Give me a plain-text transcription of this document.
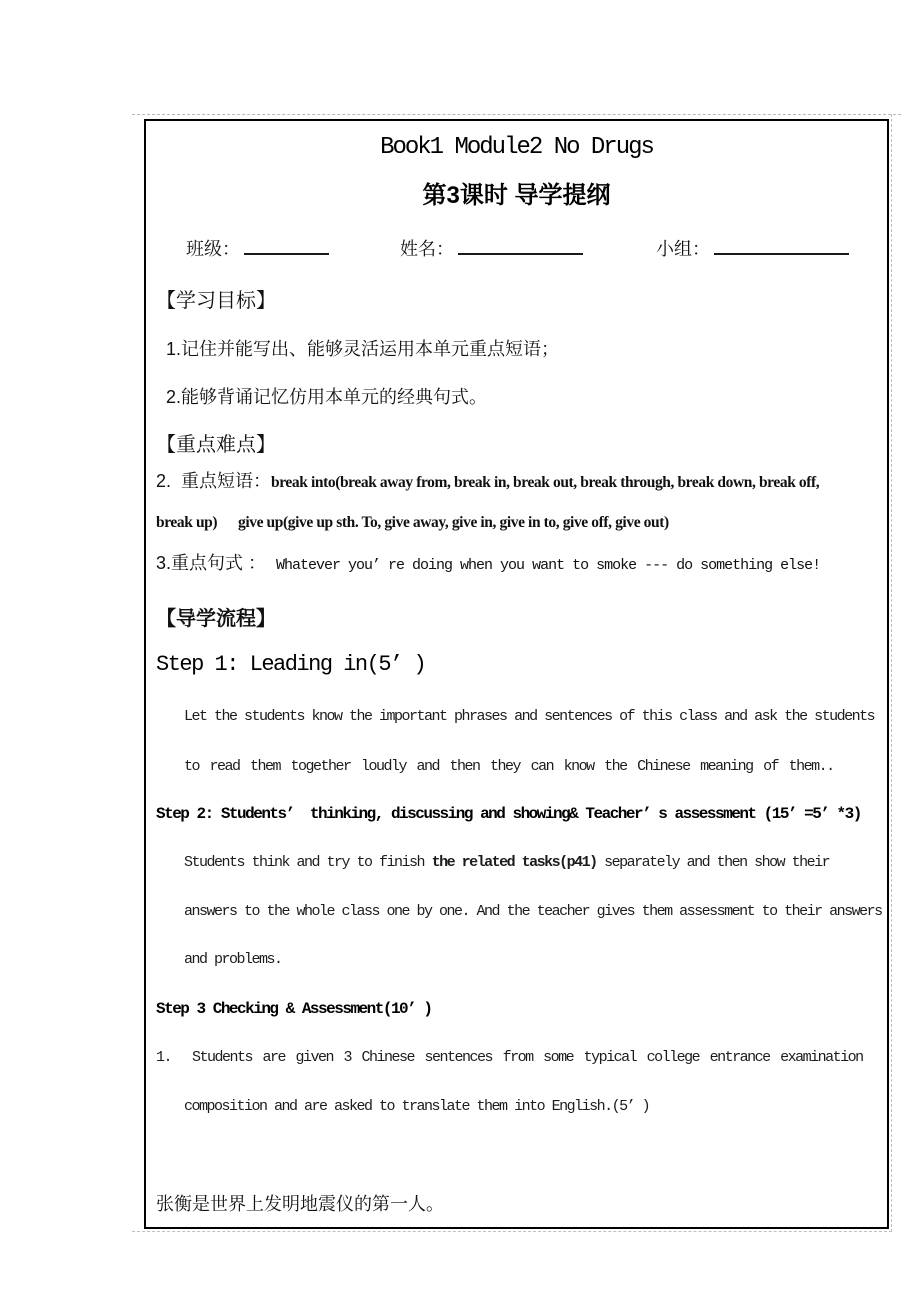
Book1 Module2 No Drugs
第3课时 导学提纲
班级：	姓名：	小组：
【学习目标】
1.记住并能写出、能够灵活运用本单元重点短语；
2.能够背诵记忆仿用本单元的经典句式。
【重点难点】
2.  重点短语：break into(break away from, break in, break out, break through, break down, break off,
break up)      give up(give up sth. To, give away, give in, give in to, give off, give out)
3.重点句式 ：  Whatever you’ re doing when you want to smoke --- do something else!
【导学流程】
Step 1: Leading in(5’ )
Let the students know the important phrases and sentences of this class and ask the students
to read them together loudly and then they can know the Chinese meaning of them..
Step 2: Students’  thinking, discussing and showing& Teacher’ s assessment (15’ =5’ *3)
Students think and try to finish the related tasks(p41) separately and then show their
answers to the whole class one by one. And the teacher gives them assessment to their answers
and problems.
Step 3 Checking & Assessment(10’ )
1.  Students are given 3 Chinese sentences from some typical college entrance examination
composition and are asked to translate them into English.(5’ )
张衡是世界上发明地震仪的第一人。
